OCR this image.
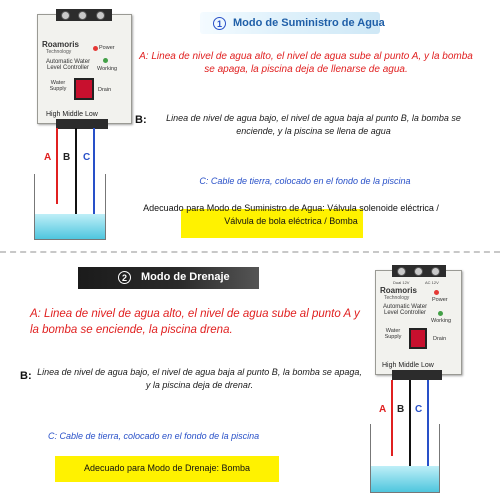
Roamoris
Technology
Power
Automatic Water
Level Controller	Working
Water
Supply	Drain
High Middle Low
A B C
1	Modo de Suministro de Agua
A: Linea de nivel de agua alto, el nivel de agua sube al punto A, y la bomba se apaga, la piscina deja de llenarse de agua.
B:	Linea de nivel de agua bajo, el nivel de agua baja al punto B, la bomba se enciende, y la piscina se llena de agua
C: Cable de tierra, colocado en el fondo de la piscina
Adecuado para Modo de Suministro de Agua: Válvula solenoide eléctrica /
Válvula de bola eléctrica / Bomba
2	Modo de Drenaje
A: Linea de nivel de agua alto, el nivel de agua sube al punto A y la bomba se enciende, la piscina drena.
B: Linea de nivel de agua bajo, el nivel de agua baja al punto B, la bomba se apaga, y la piscina deja de drenar.
C: Cable de tierra, colocado en el fondo de la piscina
Adecuado para Modo de Drenaje: Bomba
Dual 12V	AC 12V
Roamoris
Technology	Power
Automatic Water
Level Controller
Working
Water
Supply	Drain
High Middle Low
A B C
